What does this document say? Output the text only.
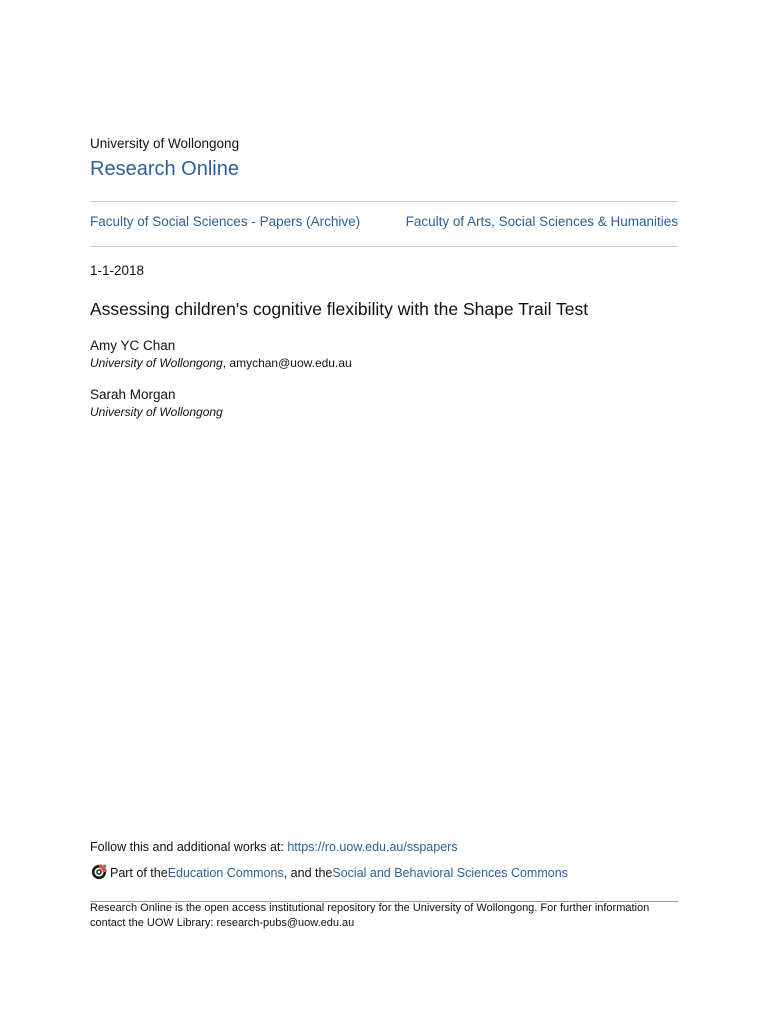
University of Wollongong
Research Online
Faculty of Social Sciences - Papers (Archive)	Faculty of Arts, Social Sciences & Humanities
1-1-2018
Assessing children's cognitive flexibility with the Shape Trail Test
Amy YC Chan
University of Wollongong, amychan@uow.edu.au
Sarah Morgan
University of Wollongong
Follow this and additional works at: https://ro.uow.edu.au/sspapers
Part of the Education Commons , and the Social and Behavioral Sciences Commons
Research Online is the open access institutional repository for the University of Wollongong. For further information contact the UOW Library: research-pubs@uow.edu.au
